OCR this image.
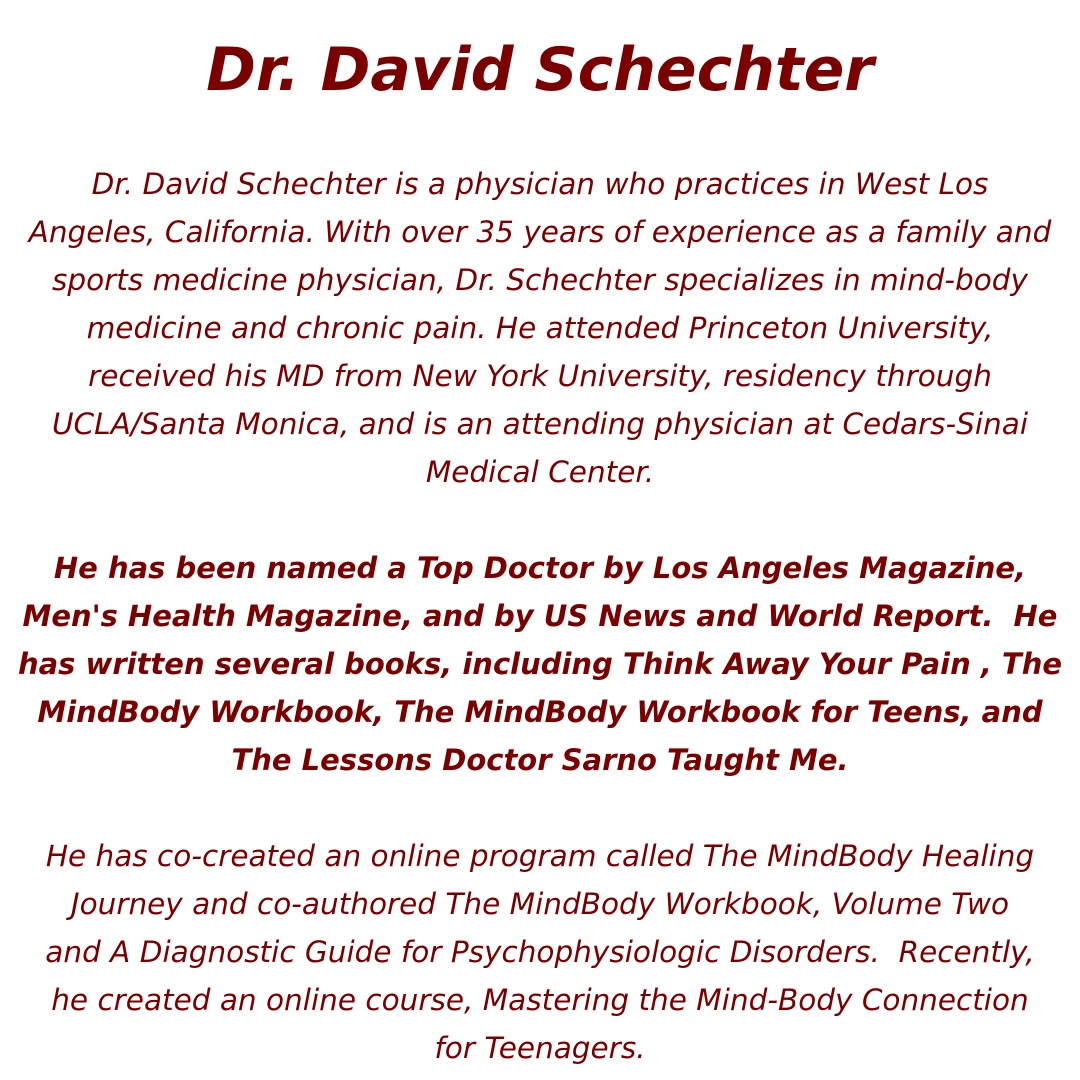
Dr. David Schechter

Dr. David Schechter is a physician who practices in West Los
Angeles, California. With over 35 years of experience as a family and
sports medicine physician, Dr. Schechter specializes in mind-body
medicine and chronic pain. He attended Princeton University,
received his MD from New York University, residency through
UCLA/Santa Monica, and is an attending physician at Cedars-Sinai
Medical Center.

He has been named a Top Doctor by Los Angeles Magazine,
Men's Health Magazine, and by US News and World Report.  He
has written several books, including Think Away Your Pain , The
MindBody Workbook, The MindBody Workbook for Teens, and
The Lessons Doctor Sarno Taught Me.

He has co-created an online program called The MindBody Healing
Journey and co-authored The MindBody Workbook, Volume Two
and A Diagnostic Guide for Psychophysiologic Disorders.  Recently,
he created an online course, Mastering the Mind-Body Connection
for Teenagers.
